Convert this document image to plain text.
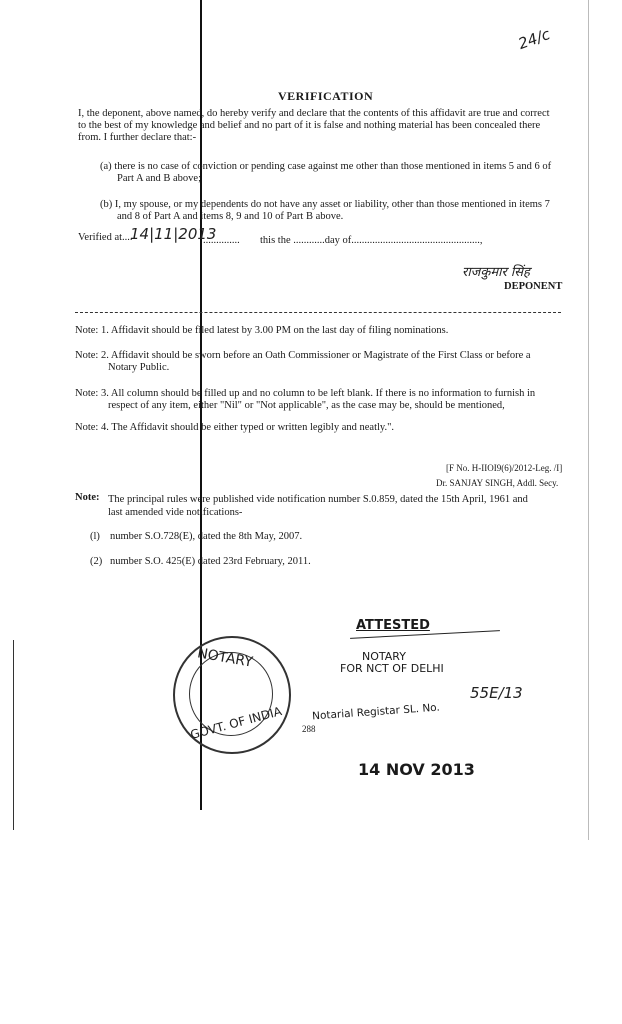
24/c
VERIFICATION
I, the deponent, above named, do hereby verify and declare that the contents of this affidavit are true and correct
to the best of my knowledge and belief and no part of it is false and nothing material has been concealed there
from. I further declare that:-
(a) there is no case of conviction or pending case against me other than those mentioned in items 5 and 6 of
Part A and B above;
(b) I, my spouse, or my dependents do not have any asset or liability, other than those mentioned in items 7
and 8 of Part A and items 8, 9 and 10 of Part B above.
Verified at....
14|11|2013
.............. this the ............day of.................................................,
राजकुमार सिंह
DEPONENT
Note: 1. Affidavit should be filed latest by 3.00 PM on the last day of filing nominations.
Note: 2. Affidavit should be sworn before an Oath Commissioner or Magistrate of the First Class or before a
Notary Public.
Note: 3. All column should be filled up and no column to be left blank. If there is no information to furnish in
respect of any item, either "Nil" or "Not applicable", as the case may be, should be mentioned,
Note: 4. The Affidavit should be either typed or written legibly and neatly.".
[F No. H-IIOI9(6)/2012-Leg. /I]
Dr. SANJAY SINGH, Addl. Secy.
Note: The principal rules were published vide notification number S.0.859, dated the 15th April, 1961 and
last amended vide notifications-
(l) number S.O.728(E), dated the 8th May, 2007.
(2) number S.O. 425(E) dated 23rd February, 2011.
NOTARY
GOVT. OF INDIA
ATTESTED
NOTARY
FOR NCT OF DELHI
Notarial Registar SL. No.
55E/13
288
14 NOV 2013
